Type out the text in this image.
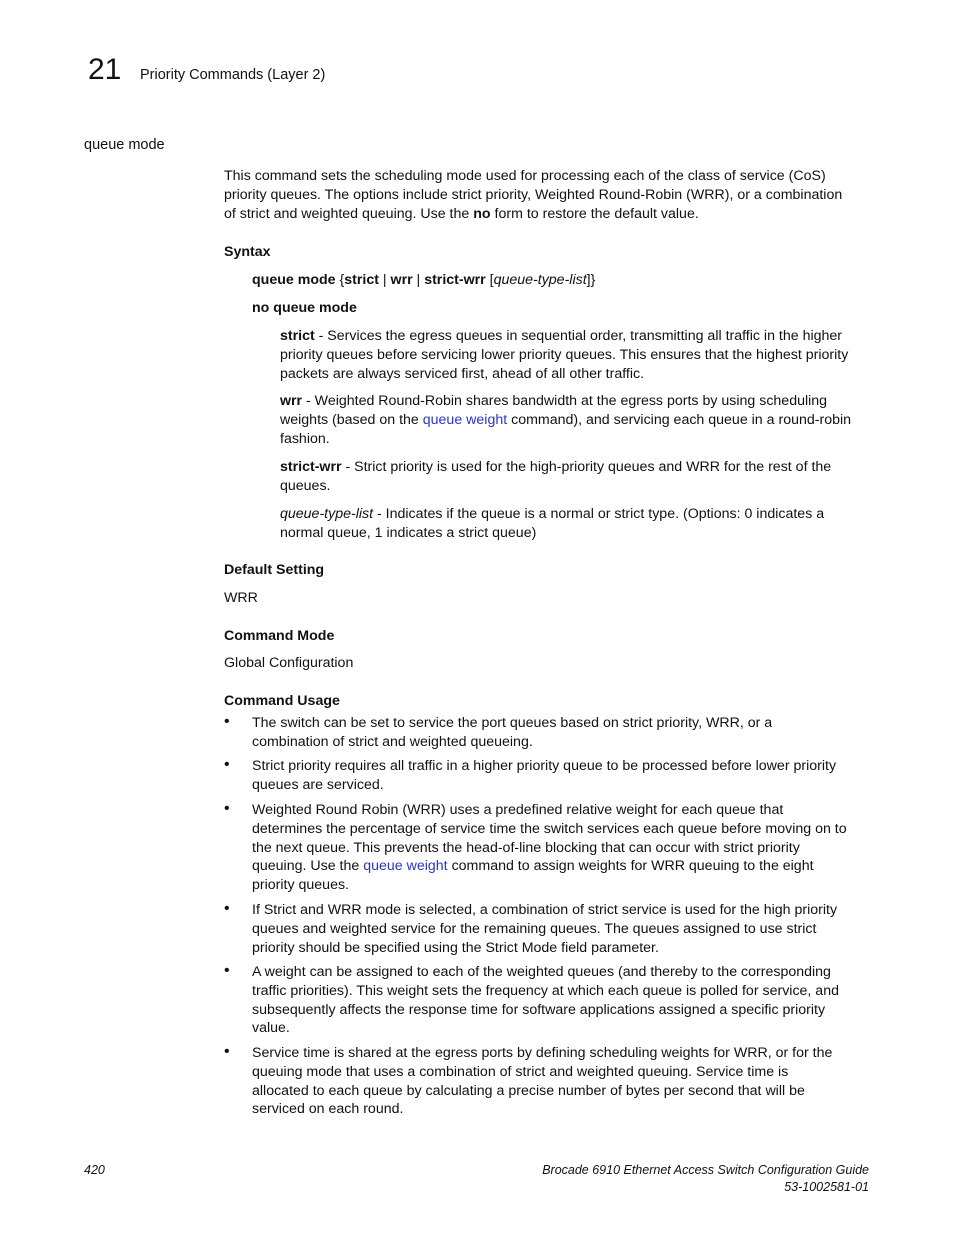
21 Priority Commands (Layer 2)
queue mode

This command sets the scheduling mode used for processing each of the class of service (CoS)

priority queues. The options include strict priority, Weighted Round-Robin (WRR), or a combination

of strict and weighted queuing. Use the no form to restore the default value.

Syntax
queue mode {strict | wrr | strict-wrr [queue-type-list]}
no queue mode

strict - Services the egress queues in sequential order, transmitting all traffic in the higher

priority queues before servicing lower priority queues. This ensures that the highest priority

packets are always serviced first, ahead of all other traffic.

wrr - Weighted Round-Robin shares bandwidth at the egress ports by using scheduling

weights (based on the queue weight command), and servicing each queue in a round-robin

fashion.

strict-wrr - Strict priority is used for the high-priority queues and WRR for the rest of the

queues.

queue-type-list - Indicates if the queue is a normal or strict type. (Options: 0 indicates a

normal queue, 1 indicates a strict queue)

Default Setting
WRR
Command Mode
Global Configuration
Command Usage
• The switch can be set to service the port queues based on strict priority, WRR, or a
combination of strict and weighted queueing.
• Strict priority requires all traffic in a higher priority queue to be processed before lower priority
queues are serviced.
• Weighted Round Robin (WRR) uses a predefined relative weight for each queue that
determines the percentage of service time the switch services each queue before moving on to
the next queue. This prevents the head-of-line blocking that can occur with strict priority
queuing. Use the queue weight command to assign weights for WRR queuing to the eight
priority queues.
• If Strict and WRR mode is selected, a combination of strict service is used for the high priority
queues and weighted service for the remaining queues. The queues assigned to use strict
priority should be specified using the Strict Mode field parameter.
• A weight can be assigned to each of the weighted queues (and thereby to the corresponding
traffic priorities). This weight sets the frequency at which each queue is polled for service, and
subsequently affects the response time for software applications assigned a specific priority
value.
• Service time is shared at the egress ports by defining scheduling weights for WRR, or for the
queuing mode that uses a combination of strict and weighted queuing. Service time is
allocated to each queue by calculating a precise number of bytes per second that will be
serviced on each round.
420	Brocade 6910 Ethernet Access Switch Configuration Guide
53-1002581-01
